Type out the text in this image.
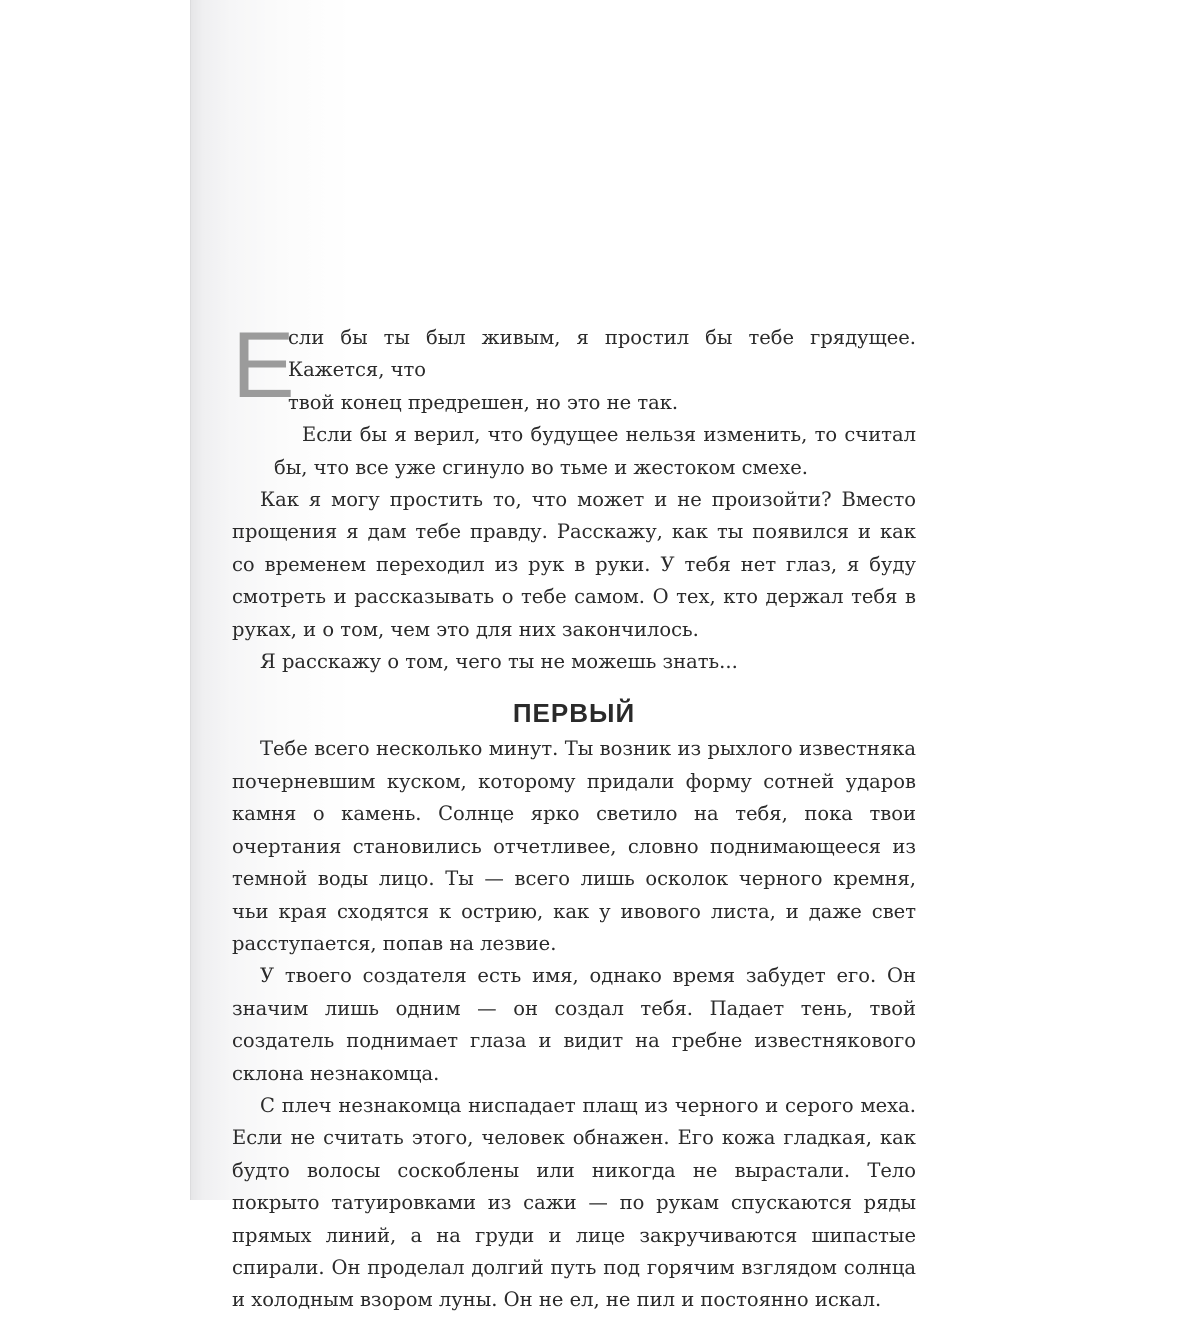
Е

сли бы ты был живым, я простил бы тебе грядущее. Кажется, что

твой конец предрешен, но это не так.

Если бы я верил, что будущее нельзя изменить, то считал бы, что все уже сгинуло во тьме и жестоком смехе.

Как я могу простить то, что может и не произойти? Вместо прощения я дам тебе правду. Расскажу, как ты появился и как со временем переходил из рук в руки. У тебя нет глаз, я буду смотреть и рассказывать о тебе самом. О тех, кто держал тебя в руках, и о том, чем это для них закончилось.

Я расскажу о том, чего ты не можешь знать...

ПЕРВЫЙ

Тебе всего несколько минут. Ты возник из рыхлого известняка почерневшим куском, которому придали форму сотней ударов камня о камень. Солнце ярко светило на тебя, пока твои очертания становились отчетливее, словно поднимающееся из темной воды лицо. Ты — всего лишь осколок черного кремня, чьи края сходятся к острию, как у ивового листа, и даже свет расступается, попав на лезвие.

У твоего создателя есть имя, однако время забудет его. Он значим лишь одним — он создал тебя. Падает тень, твой создатель поднимает глаза и видит на гребне известнякового склона незнакомца.

С плеч незнакомца ниспадает плащ из черного и серого меха. Если не считать этого, человек обнажен. Его кожа гладкая, как будто волосы соскоблены или никогда не вырастали. Тело покрыто татуировками из сажи — по рукам спускаются ряды прямых линий, а на груди и лице закручиваются шипастые спирали. Он проделал долгий путь под горячим взглядом солнца и холодным взором луны. Он не ел, не пил и постоянно искал.
